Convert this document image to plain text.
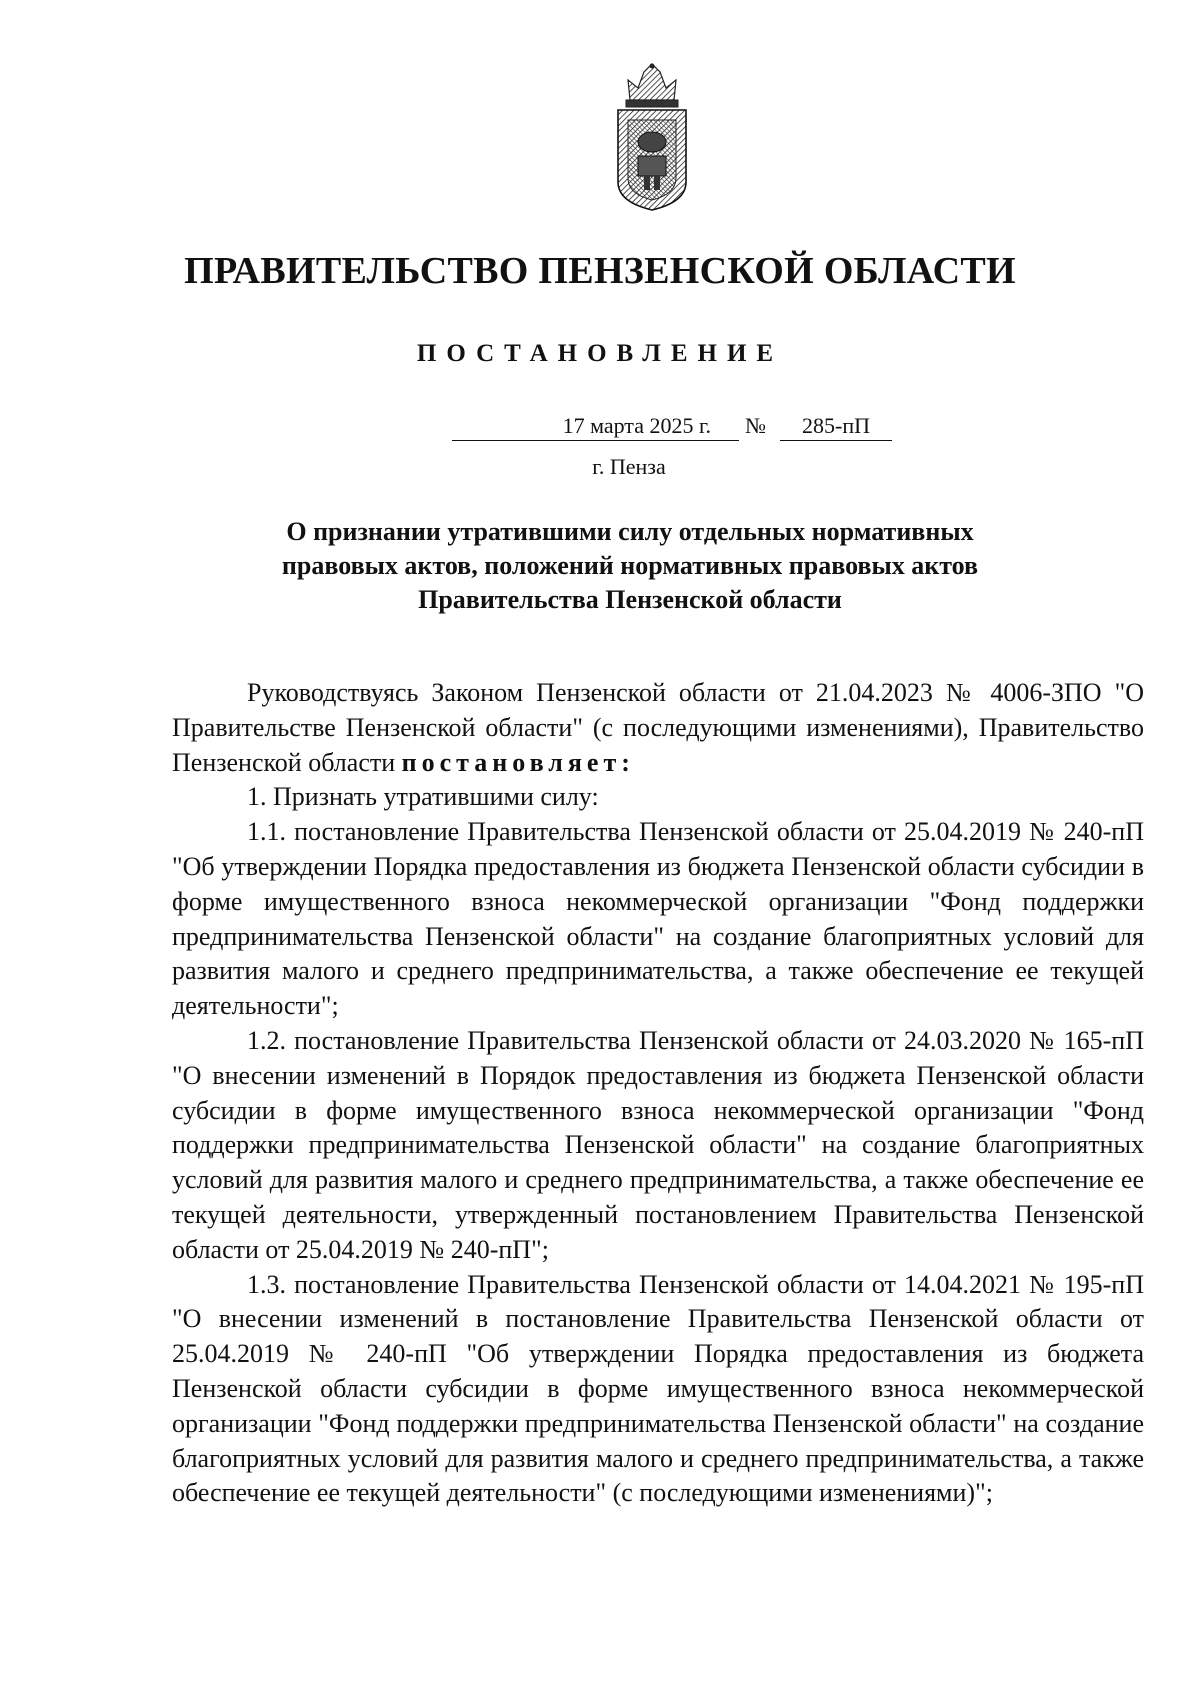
ПРАВИТЕЛЬСТВО ПЕНЗЕНСКОЙ ОБЛАСТИ
ПОСТАНОВЛЕНИЕ
17 марта 2025 г.	№	285-пП
г. Пенза
О признании утратившими силу отдельных нормативных
правовых актов, положений нормативных правовых актов
Правительства Пензенской области

Руководствуясь Законом Пензенской области от 21.04.2023 № 4006-ЗПО "О Правительстве Пензенской области" (с последующими изменениями), Правительство Пензенской области постановляет:

1. Признать утратившими силу:

1.1. постановление Правительства Пензенской области от 25.04.2019 № 240-пП "Об утверждении Порядка предоставления из бюджета Пензенской области субсидии в форме имущественного взноса некоммерческой организации "Фонд поддержки предпринимательства Пензенской области" на создание благоприятных условий для развития малого и среднего предпринимательства, а также обеспечение ее текущей деятельности";

1.2. постановление Правительства Пензенской области от 24.03.2020 № 165-пП "О внесении изменений в Порядок предоставления из бюджета Пензенской области субсидии в форме имущественного взноса некоммерческой организации "Фонд поддержки предпринимательства Пензенской области" на создание благоприятных условий для развития малого и среднего предпринимательства, а также обеспечение ее текущей деятельности, утвержденный постановлением Правительства Пензенской области от 25.04.2019 № 240-пП";

1.3. постановление Правительства Пензенской области от 14.04.2021 № 195-пП "О внесении изменений в постановление Правительства Пензенской области от 25.04.2019 № 240-пП "Об утверждении Порядка предоставления из бюджета Пензенской области субсидии в форме имущественного взноса некоммерческой организации "Фонд поддержки предпринимательства Пензенской области" на создание благоприятных условий для развития малого и среднего предпринимательства, а также обеспечение ее текущей деятельности" (с последующими изменениями)";
